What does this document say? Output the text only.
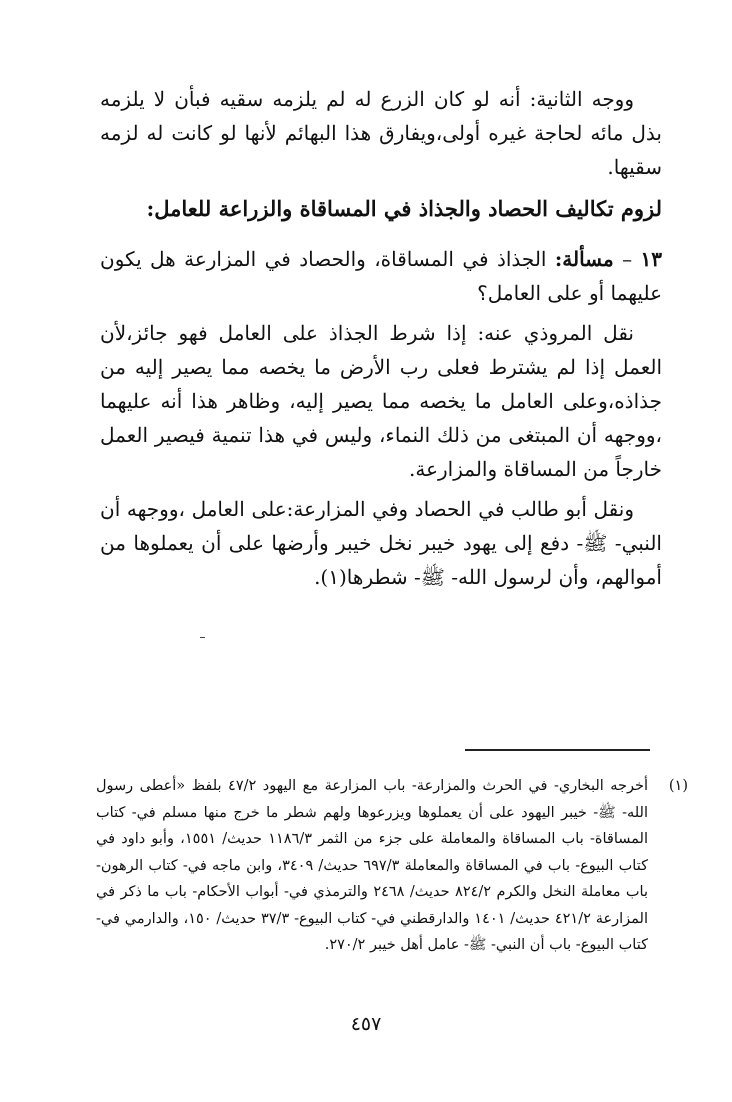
ووجه الثانية: أنه لو كان الزرع له لم يلزمه سقيه فبأن لا يلزمه بذل مائه لحاجة غيره أولى،ويفارق هذا البهائم لأنها لو كانت له لزمه سقيها.

لزوم تكاليف الحصاد والجذاذ في المساقاة والزراعة للعامل:

١٣ – مسألة: الجذاذ في المساقاة، والحصاد في المزارعة هل يكون عليهما أو على العامل؟

نقل المروذي عنه: إذا شرط الجذاذ على العامل فهو جائز،لأن العمل إذا لم يشترط فعلى رب الأرض ما يخصه مما يصير إليه من جذاذه،وعلى العامل ما يخصه مما يصير إليه، وظاهر هذا أنه عليهما ،ووجهه أن المبتغى من ذلك النماء، وليس في هذا تنمية فيصير العمل خارجاً من المساقاة والمزارعة.

ونقل أبو طالب في الحصاد وفي المزارعة:على العامل ،ووجهه أن النبي- ﷺ- دفع إلى يهود خيبر نخل خيبر وأرضها على أن يعملوها من أموالهم، وأن لرسول الله- ﷺ- شطرها(١).

(١)
أخرجه البخاري- في الحرث والمزارعة- باب المزارعة مع اليهود ٤٧/٢ بلفظ «أعطى رسول الله- ﷺ- خيبر اليهود على أن يعملوها ويزرعوها ولهم شطر ما خرج منها مسلم في- كتاب المساقاة- باب المساقاة والمعاملة على جزء من الثمر ١١٨٦/٣ حديث/ ١٥٥١، وأبو داود في كتاب البيوع- باب في المساقاة والمعاملة ٦٩٧/٣ حديث/ ٣٤٠٩، وابن ماجه في- كتاب الرهون- باب معاملة النخل والكرم ٨٢٤/٢ حديث/ ٢٤٦٨ والترمذي في- أبواب الأحكام- باب ما ذكر في المزارعة ٤٢١/٢ حديث/ ١٤٠١ والدارقطني في- كتاب البيوع- ٣٧/٣ حديث/ ١٥٠، والدارمي في- كتاب البيوع- باب أن النبي- ﷺ- عامل أهل خيبر ٢٧٠/٢.
٤٥٧
